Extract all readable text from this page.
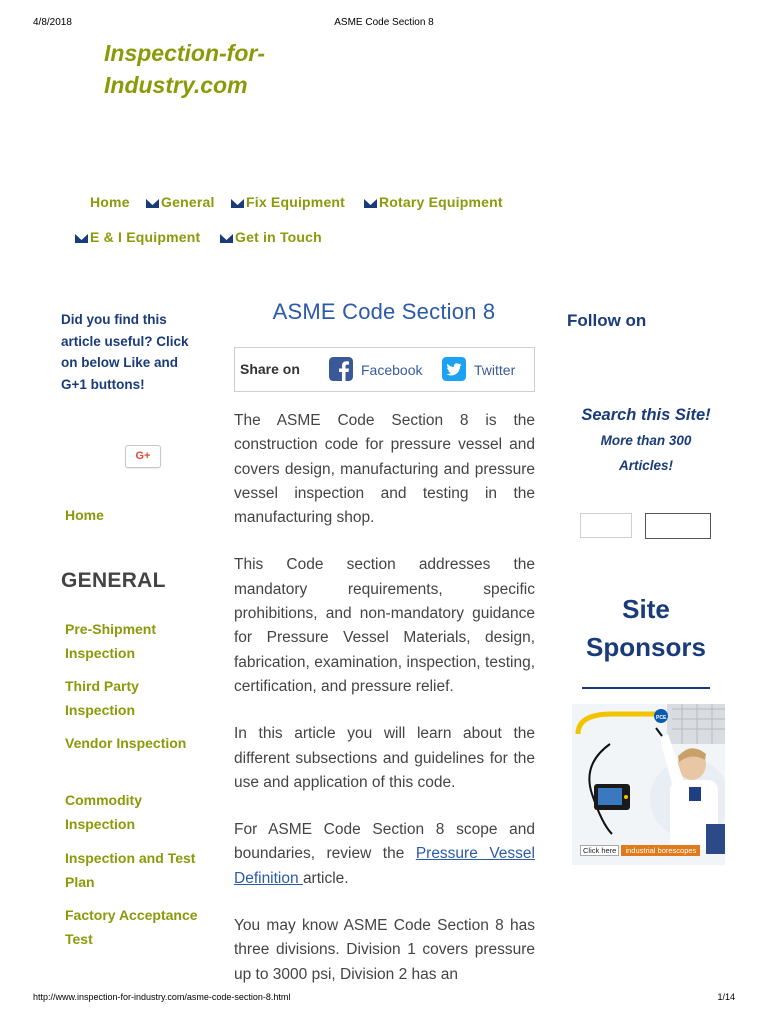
4/8/2018	ASME Code Section 8
Inspection-for-
Industry.com
Home	General	Fix Equipment	Rotary Equipment
E & I Equipment	Get in Touch
Did you find this article useful? Click on below Like and G+1 buttons!
G+
Home
GENERAL
Pre-Shipment Inspection
Third Party Inspection
Vendor Inspection
Commodity Inspection
Inspection and Test Plan
Factory Acceptance Test
ASME Code Section 8
Share on	Facebook	Twitter

The ASME Code Section 8 is the construction code for pressure vessel and covers design, manufacturing and pressure vessel inspection and testing in the manufacturing shop.

This Code section addresses the mandatory requirements, specific prohibitions, and non-mandatory guidance for Pressure Vessel Materials, design, fabrication, examination, inspection, testing, certification, and pressure relief.

In this article you will learn about the different subsections and guidelines for the use and application of this code.

For ASME Code Section 8 scope and boundaries, review the Pressure Vessel Definition article.

You may know ASME Code Section 8 has three divisions. Division 1 covers pressure up to 3000 psi, Division 2 has an

Follow on
Search this Site!
More than 300 Articles!
Site Sponsors
PCE
Click here industrial borescopes
http://www.inspection-for-industry.com/asme-code-section-8.html	1/14
